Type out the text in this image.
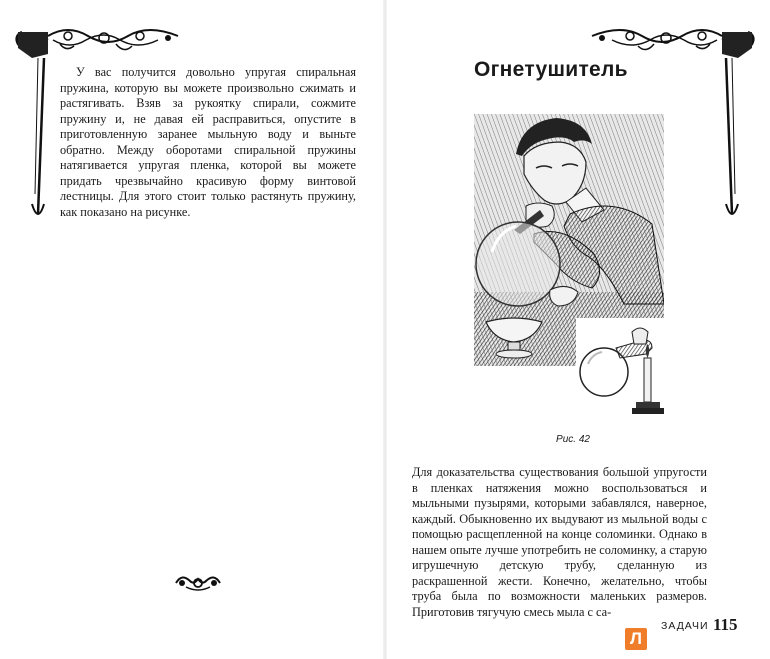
У вас получится довольно упругая спиральная пружина, которую вы можете произвольно сжимать и растягивать. Взяв за рукоятку спирали, сожмите пружину и, не давая ей расправиться, опустите в приготовленную заранее мыльную воду и выньте обратно. Между оборотами спиральной пружины натягивается упругая пленка, которой вы можете придать чрезвычайно красивую форму винтовой лестницы. Для этого стоит только растянуть пружину, как показано на рисунке.

Огнетушитель
Рис. 42

Для доказательства существования большой упругости в пленках натяжения можно воспользоваться и мыльными пузырями, которыми забавлялся, наверное, каждый. Обыкновенно их выдувают из мыльной воды с помощью расщепленной на конце соломинки. Однако в нашем опыте лучше употребить не соломинку, а старую игрушечную детскую трубу, сделанную из раскрашенной жести. Конечно, желательно, чтобы труба была по возможности маленьких размеров. Приготовив тягучую смесь мыла с са-

Л
ЗАДАЧИ 115
